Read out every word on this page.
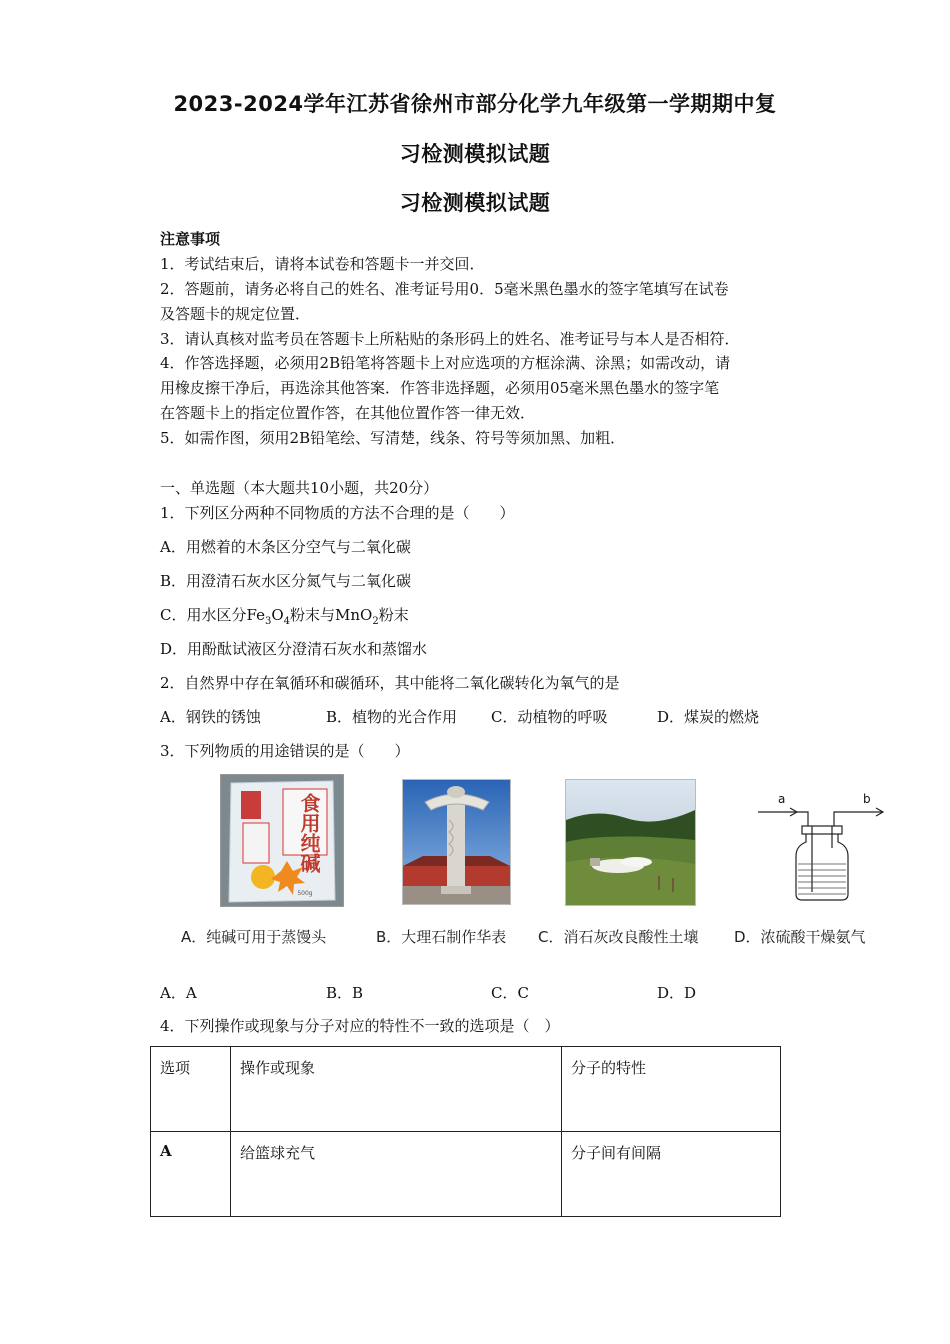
2023-2024学年江苏省徐州市部分化学九年级第一学期期中复
习检测模拟试题
习检测模拟试题
注意事项
1．考试结束后，请将本试卷和答题卡一并交回．
2．答题前，请务必将自己的姓名、准考证号用0．5毫米黑色墨水的签字笔填写在试卷
及答题卡的规定位置．
3．请认真核对监考员在答题卡上所粘贴的条形码上的姓名、准考证号与本人是否相符．
4．作答选择题，必须用2B铅笔将答题卡上对应选项的方框涂满、涂黑；如需改动，请
用橡皮擦干净后，再选涂其他答案．作答非选择题，必须用05毫米黑色墨水的签字笔
在答题卡上的指定位置作答，在其他位置作答一律无效．
5．如需作图，须用2B铅笔绘、写清楚，线条、符号等须加黑、加粗．
一、单选题（本大题共10小题，共20分）
1．下列区分两种不同物质的方法不合理的是（　　）
A．用燃着的木条区分空气与二氧化碳
B．用澄清石灰水区分氮气与二氧化碳
C．用水区分$Fe_3O_4$粉末与MnO$_2$粉末
D．用酚酞试液区分澄清石灰水和蒸馏水
2．自然界中存在氧循环和碳循环，其中能将二氧化碳转化为氧气的是
A．钢铁的锈蚀	B．植物的光合作用 C．动植物的呼吸	D．煤炭的燃烧
3．下列物质的用途错误的是（　　）
500g
食用纯碱	a	b
A．纯碱可用于蒸馒头	B．大理石制作华表 C．消石灰改良酸性土壤 D．浓硫酸干燥氨气
A．A	B．B	C．C	D．D
4．下列操作或现象与分子对应的特性不一致的选项是（　）
选项	操作或现象	分子的特性
A	给篮球充气	分子间有间隔
